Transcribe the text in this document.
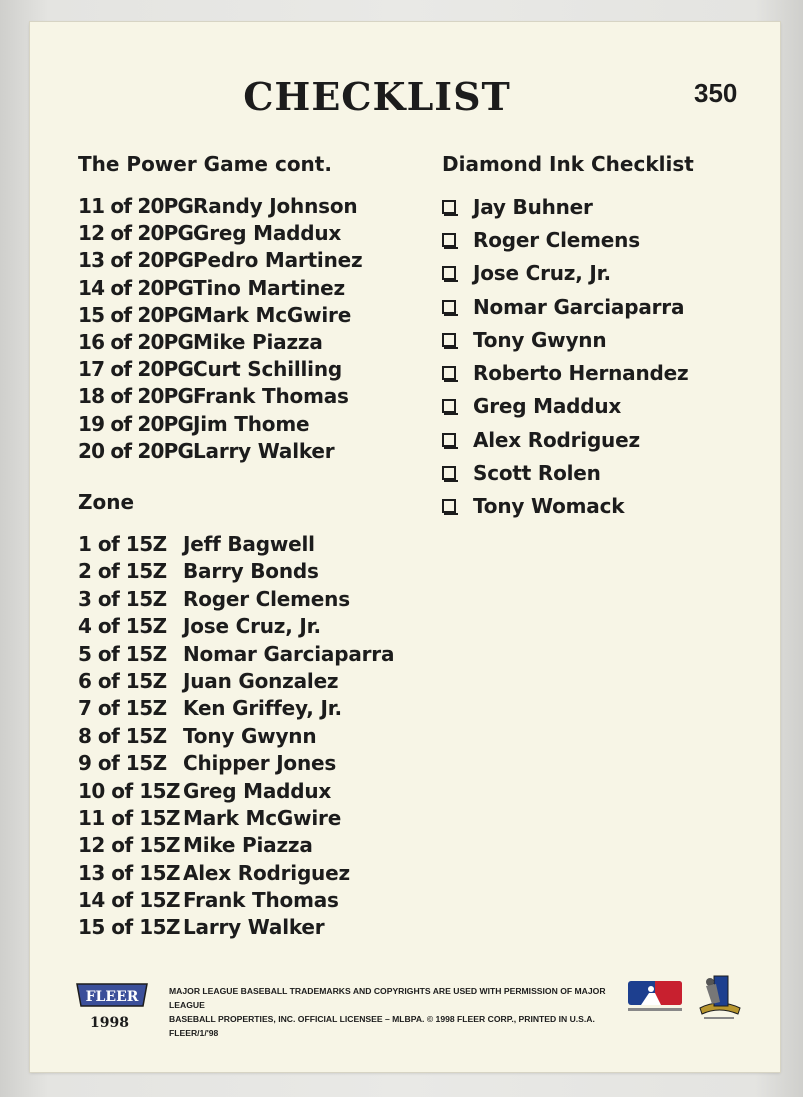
CHECKLIST	350
The Power Game cont.
11 of 20PG Randy Johnson
12 of 20PG Greg Maddux
13 of 20PG Pedro Martinez
14 of 20PG Tino Martinez
15 of 20PG Mark McGwire
16 of 20PG Mike Piazza
17 of 20PG Curt Schilling
18 of 20PG Frank Thomas
19 of 20PG Jim Thome
20 of 20PG Larry Walker
Zone
1 of 15Z Jeff Bagwell
2 of 15Z Barry Bonds
3 of 15Z Roger Clemens
4 of 15Z Jose Cruz, Jr.
5 of 15Z Nomar Garciaparra
6 of 15Z Juan Gonzalez
7 of 15Z Ken Griffey, Jr.
8 of 15Z Tony Gwynn
9 of 15Z Chipper Jones
10 of 15Z Greg Maddux
11 of 15Z Mark McGwire
12 of 15Z Mike Piazza
13 of 15Z Alex Rodriguez
14 of 15Z Frank Thomas
15 of 15Z Larry Walker
Diamond Ink Checklist
Jay Buhner
Roger Clemens
Jose Cruz, Jr.
Nomar Garciaparra
Tony Gwynn
Roberto Hernandez
Greg Maddux
Alex Rodriguez
Scott Rolen
Tony Womack
FLEER
1998
MAJOR LEAGUE BASEBALL TRADEMARKS AND COPYRIGHTS ARE USED WITH PERMISSION OF MAJOR LEAGUE
BASEBALL PROPERTIES, INC. OFFICIAL LICENSEE – MLBPA. © 1998 FLEER CORP., PRINTED IN U.S.A. FLEER/1/'98
